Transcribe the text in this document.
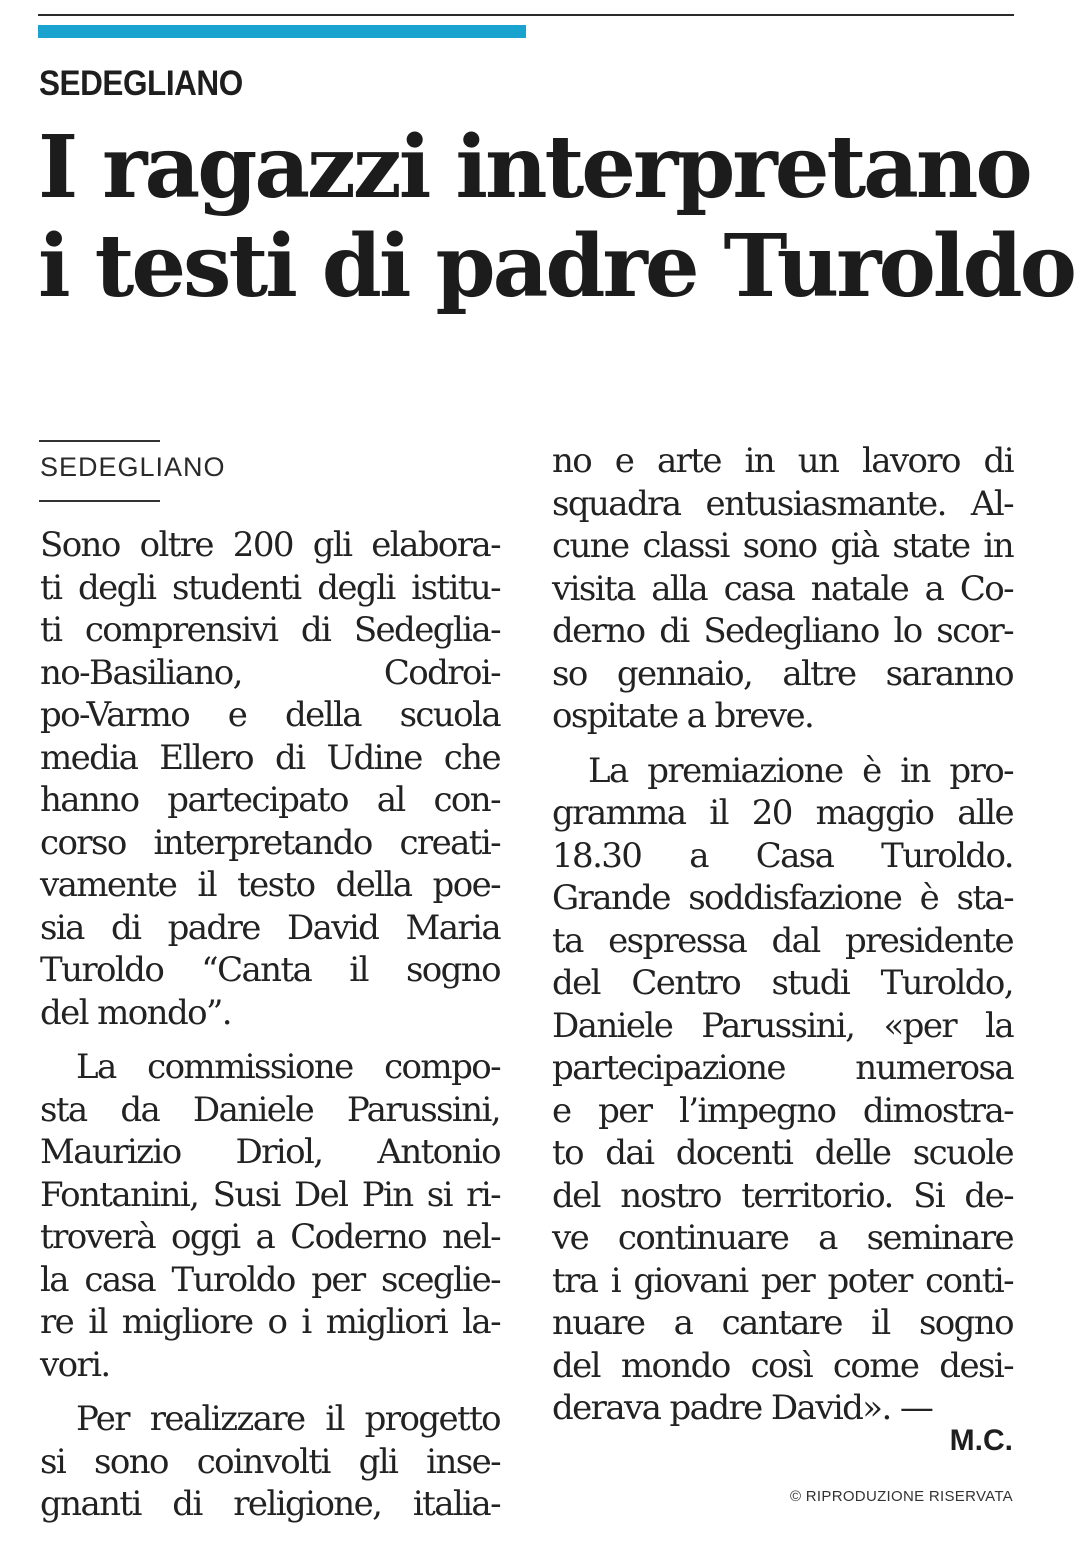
SEDEGLIANO
I ragazzi interpretano
i testi di padre Turoldo
SEDEGLIANO
Sono oltre 200 gli elabora-
ti degli studenti degli istitu-
ti comprensivi di Sedeglia-
no-Basiliano, Codroi-
po-Varmo e della scuola
media Ellero di Udine che
hanno partecipato al con-
corso interpretando creati-
vamente il testo della poe-
sia di padre David Maria
Turoldo “Canta il sogno
del mondo”.
La commissione compo-
sta da Daniele Parussini,
Maurizio Driol, Antonio
Fontanini, Susi Del Pin si ri-
troverà oggi a Coderno nel-
la casa Turoldo per sceglie-
re il migliore o i migliori la-
vori.
Per realizzare il progetto
si sono coinvolti gli inse-
gnanti di religione, italia-
no e arte in un lavoro di
squadra entusiasmante. Al-
cune classi sono già state in
visita alla casa natale a Co-
derno di Sedegliano lo scor-
so gennaio, altre saranno
ospitate a breve.
La premiazione è in pro-
gramma il 20 maggio alle
18.30 a Casa Turoldo.
Grande soddisfazione è sta-
ta espressa dal presidente
del Centro studi Turoldo,
Daniele Parussini, «per la
partecipazione numerosa
e per l’impegno dimostra-
to dai docenti delle scuole
del nostro territorio. Si de-
ve continuare a seminare
tra i giovani per poter conti-
nuare a cantare il sogno
del mondo così come desi-
derava padre David». —
M.C.
© RIPRODUZIONE RISERVATA
